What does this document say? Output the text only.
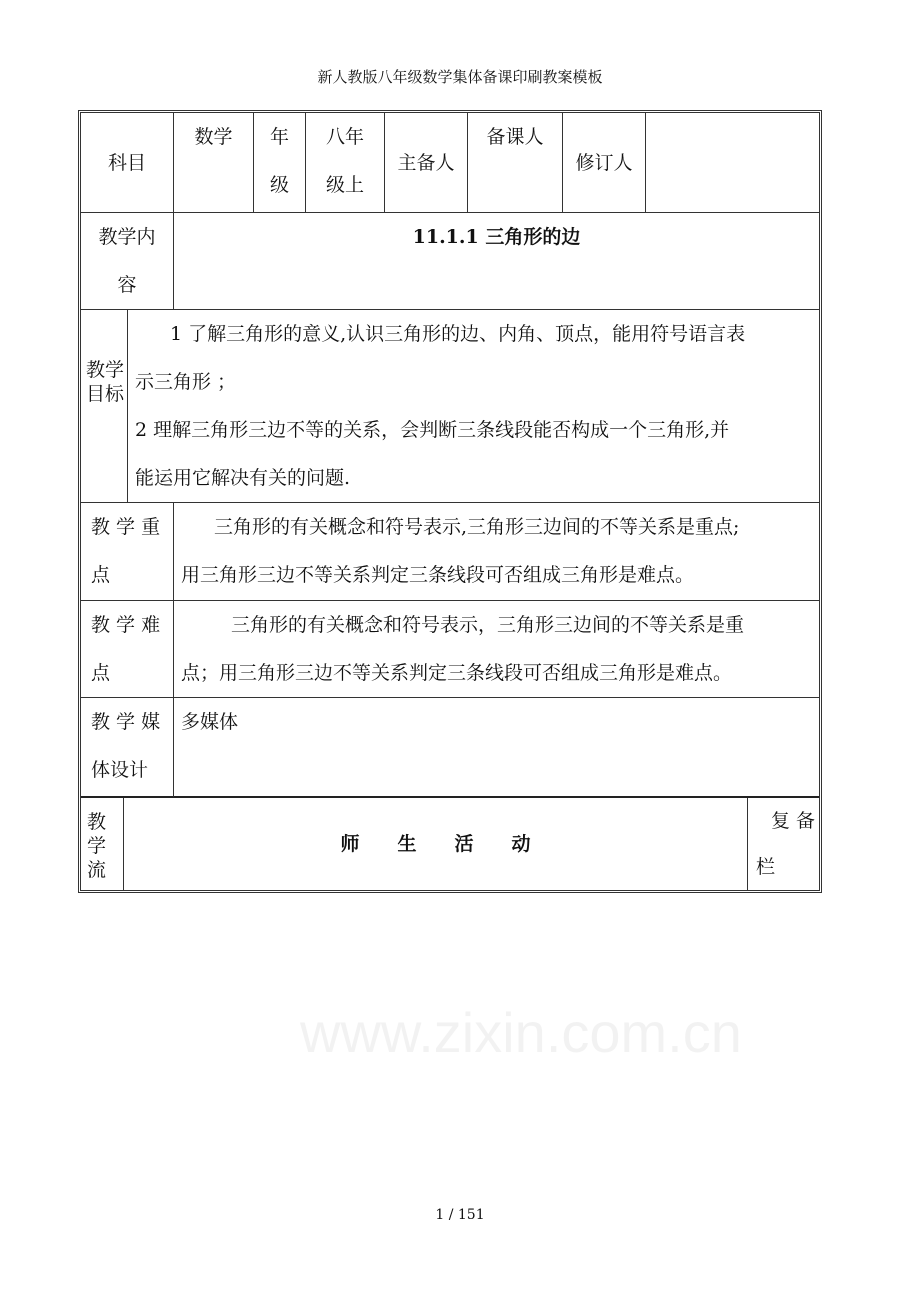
新人教版八年级数学集体备课印刷教案模板
www.zixin.com.cn
科目
数学	年
级
八年
级上
主备人
备课人
修订人
教学内
容
11.1.1 三角形的边
教学目标
1 了解三角形的意义,认识三角形的边、内角、顶点，能用符号语言表
示三角形 ；
2 理解三角形三边不等的关系，会判断三条线段能否构成一个三角形,并
能运用它解决有关的问题.
教 学 重
点
三角形的有关概念和符号表示,三角形三边间的不等关系是重点;
用三角形三边不等关系判定三条线段可否组成三角形是难点。
教 学 难
点
三角形的有关概念和符号表示，三角形三边间的不等关系是重
点；用三角形三边不等关系判定三条线段可否组成三角形是难点。
教 学 媒
体设计
多媒体
教学流
师　　生　　活　　动
复 备
栏
1 / 151
